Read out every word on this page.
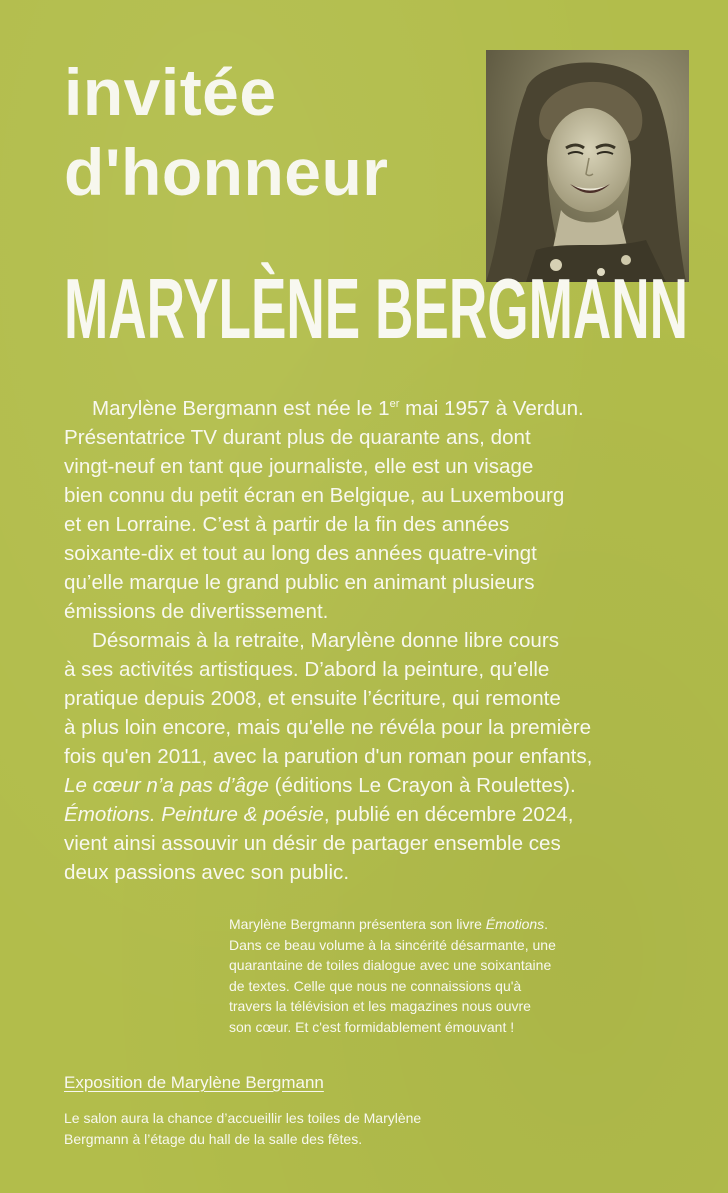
invitée
d'honneur
MARYLÈNE BERGMANN

Marylène Bergmann est née le 1er mai 1957 à Verdun.
Présentatrice TV durant plus de quarante ans, dont
vingt-neuf en tant que journaliste, elle est un visage
bien connu du petit écran en Belgique, au Luxembourg
et en Lorraine. C’est à partir de la fin des années
soixante-dix et tout au long des années quatre-vingt
qu’elle marque le grand public en animant plusieurs
émissions de divertissement.

Désormais à la retraite, Marylène donne libre cours
à ses activités artistiques. D’abord la peinture, qu’elle
pratique depuis 2008, et ensuite l’écriture, qui remonte
à plus loin encore, mais qu'elle ne révéla pour la première
fois qu'en 2011, avec la parution d'un roman pour enfants,
Le cœur n’a pas d’âge (éditions Le Crayon à Roulettes).
Émotions. Peinture & poésie, publié en décembre 2024,
vient ainsi assouvir un désir de partager ensemble ces
deux passions avec son public.

Marylène Bergmann présentera son livre Émotions.
Dans ce beau volume à la sincérité désarmante, une
quarantaine de toiles dialogue avec une soixantaine
de textes. Celle que nous ne connaissions qu'à
travers la télévision et les magazines nous ouvre
son cœur. Et c'est formidablement émouvant !
Exposition de Marylène Bergmann
Le salon aura la chance d’accueillir les toiles de Marylène
Bergmann à l’étage du hall de la salle des fêtes.
